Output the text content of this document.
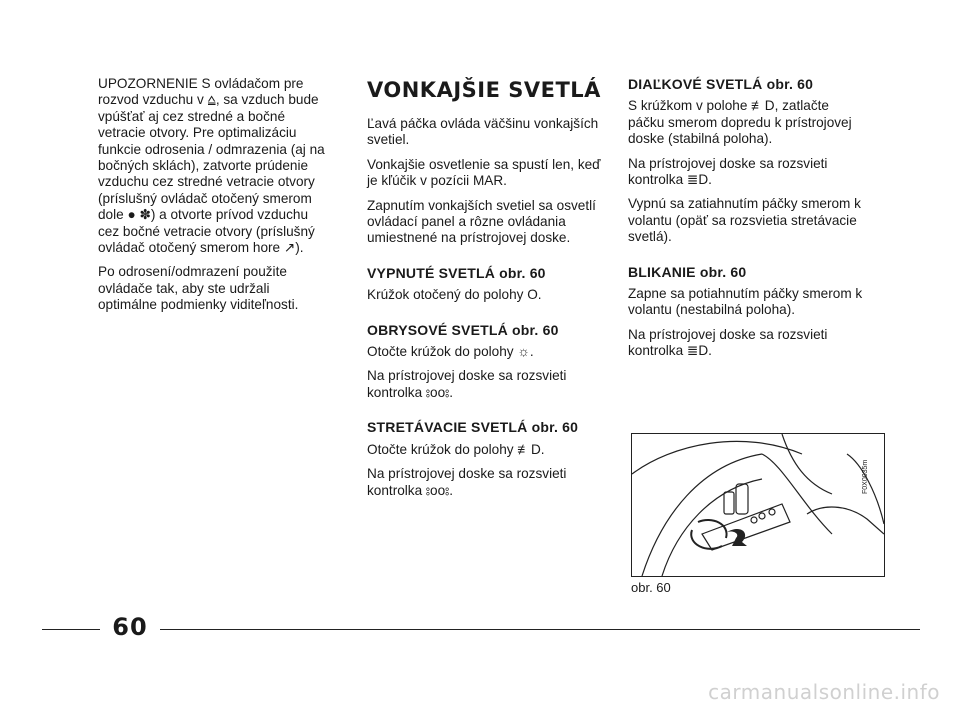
UPOZORNENIE S ovládačom pre rozvod vzduchu v ⩠, sa vzduch bude vpúšťať aj cez stredné a bočné vetracie otvory. Pre optimalizáciu funkcie odrosenia / odmrazenia (aj na bočných sklách), zatvorte prúdenie vzduchu cez stredné vetracie otvory (príslušný ovládač otočený smerom dole ● ✽) a otvorte prívod vzduchu cez bočné vetracie otvory (príslušný ovládač otočený smerom hore ↗).

Po odrosení/odmrazení použite ovládače tak, aby ste udržali optimálne podmienky viditeľnosti.

VONKAJŠIE SVETLÁ

Ľavá páčka ovláda väčšinu vonkajších svetiel.

Vonkajšie osvetlenie sa spustí len, keď je kľúčik v pozícii MAR.

Zapnutím vonkajších svetiel sa osvetlí ovládací panel a rôzne ovládania umiestnené na prístrojovej doske.

VYPNUTÉ SVETLÁ obr. 60

Krúžok otočený do polohy O.

OBRYSOVÉ SVETLÁ obr. 60

Otočte krúžok do polohy ☼.

Na prístrojovej doske sa rozsvieti kontrolka ⦂oo⦂.

STRETÁVACIE SVETLÁ obr. 60

Otočte krúžok do polohy ≢D.

Na prístrojovej doske sa rozsvieti kontrolka ⦂oo⦂.

DIAĽKOVÉ SVETLÁ obr. 60

S krúžkom v polohe ≢D, zatlačte páčku smerom dopredu k prístrojovej doske (stabilná poloha).

Na prístrojovej doske sa rozsvieti kontrolka ≣D.

Vypnú sa zatiahnutím páčky smerom k volantu (opäť sa rozsvietia stretávacie svetlá).

BLIKANIE obr. 60

Zapne sa potiahnutím páčky smerom k volantu (nestabilná poloha).

Na prístrojovej doske sa rozsvieti kontrolka ≣D.

F0X0035m
obr. 60
60
carmanualsonline.info
